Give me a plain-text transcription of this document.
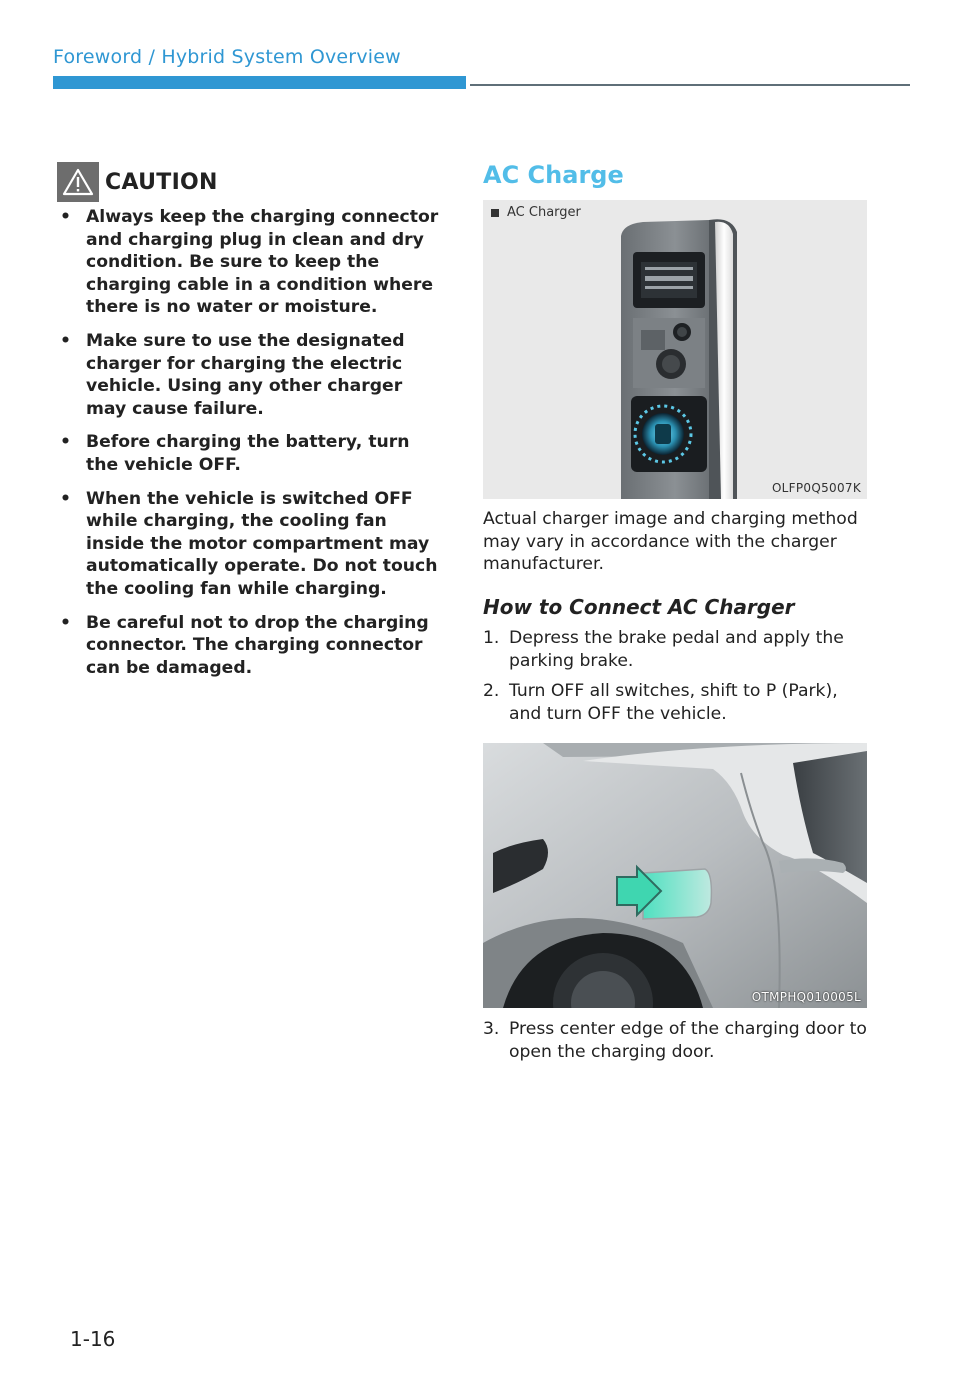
Foreword / Hybrid System Overview
CAUTION
• Always keep the charging connector and charging plug in clean and dry condition. Be sure to keep the charging cable in a condition where there is no water or moisture.
• Make sure to use the designated charger for charging the electric vehicle. Using any other charger may cause failure.
• Before charging the battery, turn the vehicle OFF.
• When the vehicle is switched OFF while charging, the cooling fan inside the motor compartment may automatically operate. Do not touch the cooling fan while charging.
• Be careful not to drop the charging connector. The charging connector can be damaged.
AC Charge
AC Charger
OLFP0Q5007K
Actual charger image and charging method may vary in accordance with the charger manufacturer.
How to Connect AC Charger
1. Depress the brake pedal and apply the parking brake.
2. Turn OFF all switches, shift to P (Park), and turn OFF the vehicle.
OTMPHQ010005L
3. Press center edge of the charging door to open the charging door.
1-16
